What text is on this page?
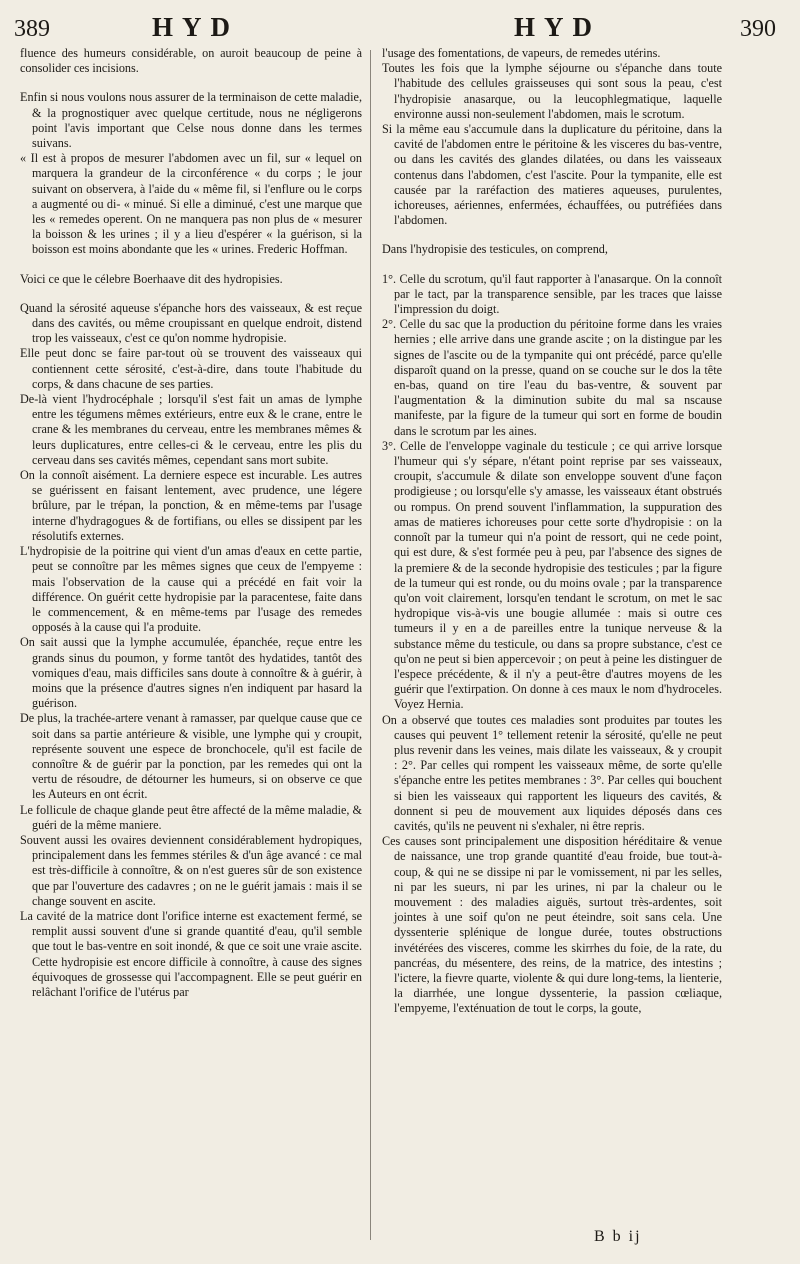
389	HYD	HYD	390

fluence des humeurs considérable, on auroit beaucoup de peine à consolider ces incisions.

Enfin si nous voulons nous assurer de la terminaison de cette maladie, & la prognostiquer avec quelque certitude, nous ne négligerons point l'avis important que Celse nous donne dans les termes suivans.

« Il est à propos de mesurer l'abdomen avec un fil, sur « lequel on marquera la grandeur de la circonférence « du corps ; le jour suivant on observera, à l'aide du « même fil, si l'enflure ou le corps a augmenté ou di- « minué. Si elle a diminué, c'est une marque que les « remedes operent. On ne manquera pas non plus de « mesurer la boisson & les urines ; il y a lieu d'espérer « la guérison, si la boisson est moins abondante que les « urines. Frederic Hoffman.

Voici ce que le célebre Boerhaave dit des hydropisies.

Quand la sérosité aqueuse s'épanche hors des vaisseaux, & est reçue dans des cavités, ou même croupissant en quelque endroit, distend trop les vaisseaux, c'est ce qu'on nomme hydropisie.

Elle peut donc se faire par-tout où se trouvent des vaisseaux qui contiennent cette sérosité, c'est-à-dire, dans toute l'habitude du corps, & dans chacune de ses parties.

De-là vient l'hydrocéphale ; lorsqu'il s'est fait un amas de lymphe entre les tégumens mêmes extérieurs, entre eux & le crane, entre le crane & les membranes du cerveau, entre les membranes mêmes & leurs duplicatures, entre celles-ci & le cerveau, entre les plis du cerveau dans ses cavités mêmes, cependant sans mort subite.

On la connoît aisément. La derniere espece est incurable. Les autres se guérissent en faisant lentement, avec prudence, une légere brûlure, par le trépan, la ponction, & en même-tems par l'usage interne d'hydragogues & de fortifians, ou elles se dissipent par les résolutifs externes.

L'hydropisie de la poitrine qui vient d'un amas d'eaux en cette partie, peut se connoître par les mêmes signes que ceux de l'empyeme : mais l'observation de la cause qui a précédé en fait voir la différence. On guérit cette hydropisie par la paracentese, faite dans le commencement, & en même-tems par l'usage des remedes opposés à la cause qui l'a produite.

On sait aussi que la lymphe accumulée, épanchée, reçue entre les grands sinus du poumon, y forme tantôt des hydatides, tantôt des vomiques d'eau, mais difficiles sans doute à connoître & à guérir, à moins que la présence d'autres signes n'en indiquent par hasard la guérison.

De plus, la trachée-artere venant à ramasser, par quelque cause que ce soit dans sa partie antérieure & visible, une lymphe qui y croupit, représente souvent une espece de bronchocele, qu'il est facile de connoître & de guérir par la ponction, par les remedes qui ont la vertu de résoudre, de détourner les humeurs, si on observe ce que les Auteurs en ont écrit.

Le follicule de chaque glande peut être affecté de la même maladie, & guéri de la même maniere.

Souvent aussi les ovaires deviennent considérablement hydropiques, principalement dans les femmes stériles & d'un âge avancé : ce mal est très-difficile à connoître, & on n'est gueres sûr de son existence que par l'ouverture des cadavres ; on ne le guérit jamais : mais il se change souvent en ascite.

La cavité de la matrice dont l'orifice interne est exactement fermé, se remplit aussi souvent d'une si grande quantité d'eau, qu'il semble que tout le bas-ventre en soit inondé, & que ce soit une vraie ascite. Cette hydropisie est encore difficile à connoître, à cause des signes équivoques de grossesse qui l'accompagnent. Elle se peut guérir en relâchant l'orifice de l'utérus par

l'usage des fomentations, de vapeurs, de remedes utérins.

Toutes les fois que la lymphe séjourne ou s'épanche dans toute l'habitude des cellules graisseuses qui sont sous la peau, c'est l'hydropisie anasarque, ou la leucophlegmatique, laquelle environne aussi non-seulement l'abdomen, mais le scrotum.

Si la même eau s'accumule dans la duplicature du péritoine, dans la cavité de l'abdomen entre le péritoine & les visceres du bas-ventre, ou dans les cavités des glandes dilatées, ou dans les vaisseaux contenus dans l'abdomen, c'est l'ascite. Pour la tympanite, elle est causée par la raréfaction des matieres aqueuses, purulentes, ichoreuses, aériennes, enfermées, échauffées, ou putréfiées dans l'abdomen.

Dans l'hydropisie des testicules, on comprend,

1°. Celle du scrotum, qu'il faut rapporter à l'anasarque. On la connoît par le tact, par la transparence sensible, par les traces que laisse l'impression du doigt.

2°. Celle du sac que la production du péritoine forme dans les vraies hernies ; elle arrive dans une grande ascite ; on la distingue par les signes de l'ascite ou de la tympanite qui ont précédé, parce qu'elle disparoît quand on la presse, quand on se couche sur le dos la tête en-bas, quand on tire l'eau du bas-ventre, & souvent par l'augmentation & la diminution subite du mal sa nscause manifeste, par la figure de la tumeur qui sort en forme de boudin dans le scrotum par les aines.

3°. Celle de l'enveloppe vaginale du testicule ; ce qui arrive lorsque l'humeur qui s'y sépare, n'étant point reprise par ses vaisseaux, croupit, s'accumule & dilate son enveloppe souvent d'une façon prodigieuse ; ou lorsqu'elle s'y amasse, les vaisseaux étant obstrués ou rompus. On prend souvent l'inflammation, la suppuration des amas de matieres ichoreuses pour cette sorte d'hydropisie : on la connoît par la tumeur qui n'a point de ressort, qui ne cede point, qui est dure, & s'est formée peu à peu, par l'absence des signes de la premiere & de la seconde hydropisie des testicules ; par la figure de la tumeur qui est ronde, ou du moins ovale ; par la transparence qu'on voit clairement, lorsqu'en tendant le scrotum, on met le sac hydropique vis-à-vis une bougie allumée : mais si outre ces tumeurs il y en a de pareilles entre la tunique nerveuse & la substance même du testicule, ou dans sa propre substance, c'est ce qu'on ne peut si bien appercevoir ; on peut à peine les distinguer de l'espece précédente, & il n'y a peut-être d'autres moyens de les guérir que l'extirpation. On donne à ces maux le nom d'hydroceles. Voyez Hernia.

On a observé que toutes ces maladies sont produites par toutes les causes qui peuvent 1° tellement retenir la sérosité, qu'elle ne peut plus revenir dans les veines, mais dilate les vaisseaux, & y croupit : 2°. Par celles qui rompent les vaisseaux même, de sorte qu'elle s'épanche entre les petites membranes : 3°. Par celles qui bouchent si bien les vaisseaux qui rapportent les liqueurs des cavités, & donnent si peu de mouvement aux liquides déposés dans ces cavités, qu'ils ne peuvent ni s'exhaler, ni être repris.

Ces causes sont principalement une disposition héréditaire & venue de naissance, une trop grande quantité d'eau froide, bue tout-à-coup, & qui ne se dissipe ni par le vomissement, ni par les selles, ni par les sueurs, ni par les urines, ni par la chaleur ou le mouvement : des maladies aiguës, surtout très-ardentes, soit jointes à une soif qu'on ne peut éteindre, soit sans cela. Une dyssenterie splénique de longue durée, toutes obstructions invétérées des visceres, comme les skirrhes du foie, de la rate, du pancréas, du mésentere, des reins, de la matrice, des intestins ; l'ictere, la fievre quarte, violente & qui dure long-tems, la lienterie, la diarrhée, une longue dyssenterie, la passion cœliaque, l'empyeme, l'exténuation de tout le corps, la goute,

B b ij
